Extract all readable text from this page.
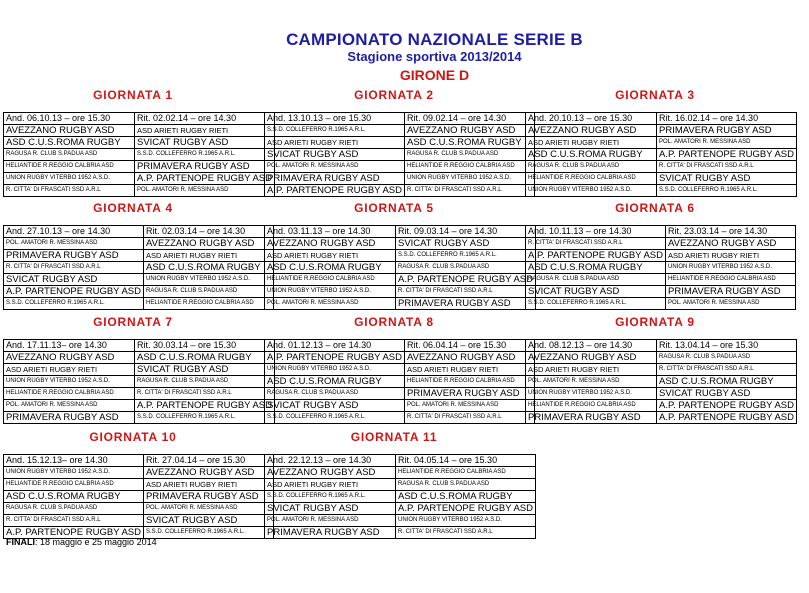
CAMPIONATO NAZIONALE SERIE B
Stagione sportiva 2013/2014
GIRONE D
GIORNATA 1
And. 06.10.13 – ore 15.30	Rit. 02.02.14 – ore 14.30
AVEZZANO RUGBY ASD	ASD ARIETI RUGBY RIETI
ASD C.U.S.ROMA RUGBY	SVICAT RUGBY ASD
RAGUSA R. CLUB S.PADUA ASD	S.S.D. COLLEFERRO R.1965 A.R.L.
HELIANTIDE R.REGGIO CALBRIA ASD	PRIMAVERA RUGBY ASD
UNION RUGBY VITERBO 1952 A.S.D.	A.P. PARTENOPE RUGBY ASD
R. CITTA' DI FRASCATI SSD A.R.L	POL. AMATORI R. MESSINA ASD
GIORNATA 2
And. 13.10.13 – ore 15.30	Rit. 09.02.14 – ore 14.30
S.S.D. COLLEFERRO R.1965 A.R.L.	AVEZZANO RUGBY ASD
ASD ARIETI RUGBY RIETI	ASD C.U.S.ROMA RUGBY
SVICAT RUGBY ASD	RAGUSA R. CLUB S.PADUA ASD
POL. AMATORI R. MESSINA ASD	HELIANTIDE R.REGGIO CALBRIA ASD
PRIMAVERA RUGBY ASD	UNION RUGBY VITERBO 1952 A.S.D.
A.P. PARTENOPE RUGBY ASD	R. CITTA' DI FRASCATI SSD A.R.L
GIORNATA 3
And. 20.10.13 – ore 15.30	Rit. 16.02.14 – ore 14.30
AVEZZANO RUGBY ASD	PRIMAVERA RUGBY ASD
ASD ARIETI RUGBY RIETI	POL. AMATORI R. MESSINA ASD
ASD C.U.S.ROMA RUGBY	A.P. PARTENOPE RUGBY ASD
RAGUSA R. CLUB S.PADUA ASD	R. CITTA' DI FRASCATI SSD A.R.L
HELIANTIDE R.REGGIO CALBRIA ASD	SVICAT RUGBY ASD
UNION RUGBY VITERBO 1952 A.S.D.	S.S.D. COLLEFERRO R.1965 A.R.L.
GIORNATA 4
And. 27.10.13 – ore 14.30	Rit. 02.03.14 – ore 14.30
POL. AMATORI R. MESSINA ASD	AVEZZANO RUGBY ASD
PRIMAVERA RUGBY ASD	ASD ARIETI RUGBY RIETI
R. CITTA' DI FRASCATI SSD A.R.L	ASD C.U.S.ROMA RUGBY
SVICAT RUGBY ASD	UNION RUGBY VITERBO 1952 A.S.D.
A.P. PARTENOPE RUGBY ASD	RAGUSA R. CLUB S.PADUA ASD
S.S.D. COLLEFERRO R.1965 A.R.L.	HELIANTIDE R.REGGIO CALBRIA ASD
GIORNATA 5
And. 03.11.13 – ore 14.30	Rit. 09.03.14 – ore 14.30
AVEZZANO RUGBY ASD	SVICAT RUGBY ASD
ASD ARIETI RUGBY RIETI	S.S.D. COLLEFERRO R.1965 A.R.L.
ASD C.U.S.ROMA RUGBY	RAGUSA R. CLUB S.PADUA ASD
HELIANTIDE R.REGGIO CALBRIA ASD	A.P. PARTENOPE RUGBY ASD
UNION RUGBY VITERBO 1952 A.S.D.	R. CITTA' DI FRASCATI SSD A.R.L
POL. AMATORI R. MESSINA ASD	PRIMAVERA RUGBY ASD
GIORNATA 6
And. 10.11.13 – ore 14.30	Rit. 23.03.14 – ore 14.30
R. CITTA' DI FRASCATI SSD A.R.L	AVEZZANO RUGBY ASD
A.P. PARTENOPE RUGBY ASD	ASD ARIETI RUGBY RIETI
ASD C.U.S.ROMA RUGBY	UNION RUGBY VITERBO 1952 A.S.D.
RAGUSA R. CLUB S.PADUA ASD	HELIANTIDE R.REGGIO CALBRIA ASD
SVICAT RUGBY ASD	PRIMAVERA RUGBY ASD
S.S.D. COLLEFERRO R.1965 A.R.L.	POL. AMATORI R. MESSINA ASD
GIORNATA 7
And. 17.11.13– ore 14.30	Rit. 30.03.14 – ore 15.30
AVEZZANO RUGBY ASD	ASD C.U.S.ROMA RUGBY
ASD ARIETI RUGBY RIETI	SVICAT RUGBY ASD
UNION RUGBY VITERBO 1952 A.S.D.	RAGUSA R. CLUB S.PADUA ASD
HELIANTIDE R.REGGIO CALBRIA ASD	R. CITTA' DI FRASCATI SSD A.R.L
POL. AMATORI R. MESSINA ASD	A.P. PARTENOPE RUGBY ASD
PRIMAVERA RUGBY ASD	S.S.D. COLLEFERRO R.1965 A.R.L.
GIORNATA 8
And. 01.12.13 – ore 14.30	Rit. 06.04.14 – ore 15.30
A.P. PARTENOPE RUGBY ASD	AVEZZANO RUGBY ASD
UNION RUGBY VITERBO 1952 A.S.D.	ASD ARIETI RUGBY RIETI
ASD C.U.S.ROMA RUGBY	HELIANTIDE R.REGGIO CALBRIA ASD
RAGUSA R. CLUB S.PADUA ASD	PRIMAVERA RUGBY ASD
SVICAT RUGBY ASD	POL. AMATORI R. MESSINA ASD
S.S.D. COLLEFERRO R.1965 A.R.L.	R. CITTA' DI FRASCATI SSD A.R.L
GIORNATA 9
And. 08.12.13 – ore 14.30	Rit. 13.04.14 – ore 15.30
AVEZZANO RUGBY ASD	RAGUSA R. CLUB S.PADUA ASD
ASD ARIETI RUGBY RIETI	R. CITTA' DI FRASCATI SSD A.R.L
POL. AMATORI R. MESSINA ASD	ASD C.U.S.ROMA RUGBY
UNION RUGBY VITERBO 1952 A.S.D.	SVICAT RUGBY ASD
HELIANTIDE R.REGGIO CALBRIA ASD	A.P. PARTENOPE RUGBY ASD
PRIMAVERA RUGBY ASD	A.P. PARTENOPE RUGBY ASD
GIORNATA 10
And. 15.12.13– ore 14.30	Rit. 27.04.14 – ore 15.30
UNION RUGBY VITERBO 1952 A.S.D.	AVEZZANO RUGBY ASD
HELIANTIDE R.REGGIO CALBRIA ASD	ASD ARIETI RUGBY RIETI
ASD C.U.S.ROMA RUGBY	PRIMAVERA RUGBY ASD
RAGUSA R. CLUB S.PADUA ASD	POL. AMATORI R. MESSINA ASD
R. CITTA' DI FRASCATI SSD A.R.L	SVICAT RUGBY ASD
A.P. PARTENOPE RUGBY ASD	S.S.D. COLLEFERRO R.1965 A.R.L.
GIORNATA 11
And. 22.12.13 – ore 14.30	Rit. 04.05.14 – ore 15.30
AVEZZANO RUGBY ASD	HELIANTIDE R.REGGIO CALBRIA ASD
ASD ARIETI RUGBY RIETI	RAGUSA R. CLUB S.PADUA ASD
S.S.D. COLLEFERRO R.1965 A.R.L.	ASD C.U.S.ROMA RUGBY
SVICAT RUGBY ASD	A.P. PARTENOPE RUGBY ASD
POL. AMATORI R. MESSINA ASD	UNION RUGBY VITERBO 1952 A.S.D.
PRIMAVERA RUGBY ASD	R. CITTA' DI FRASCATI SSD A.R.L
FINALI: 18 maggio e 25 maggio 2014
